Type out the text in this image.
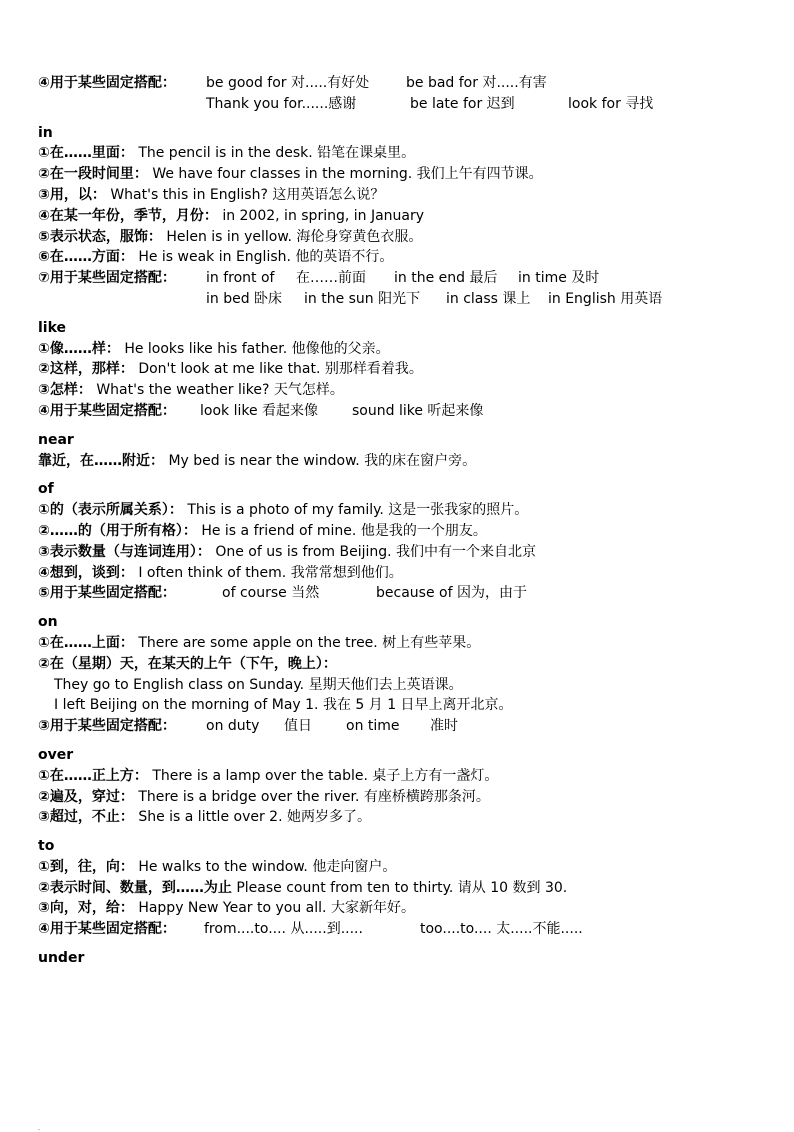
④用于某些固定搭配： be good for 对.....有好处	be bad for 对.....有害
Thank you for......感谢	be late for 迟到	look for 寻找
in
①在……里面： The pencil is in the desk. 铅笔在课桌里。
②在一段时间里： We have four classes in the morning. 我们上午有四节课。
③用，以： What's this in English? 这用英语怎么说？
④在某一年份，季节，月份： in 2002, in spring, in January
⑤表示状态，服饰： Helen is in yellow. 海伦身穿黄色衣服。
⑥在……方面： He is weak in English. 他的英语不行。
⑦用于某些固定搭配： in front of 在……前面 in the end 最后 in time 及时
in bed 卧床 in the sun 阳光下 in class 课上 in English 用英语
like
①像……样： He looks like his father. 他像他的父亲。
②这样，那样： Don't look at me like that. 别那样看着我。
③怎样： What's the weather like? 天气怎样。
④用于某些固定搭配： look like 看起来像 sound like 听起来像
near
靠近，在……附近： My bed is near the window. 我的床在窗户旁。
of
①的（表示所属关系）： This is a photo of my family. 这是一张我家的照片。
②……的（用于所有格）： He is a friend of mine. 他是我的一个朋友。
③表示数量（与连词连用）： One of us is from Beijing. 我们中有一个来自北京
④想到，谈到： I often think of them. 我常常想到他们。
⑤用于某些固定搭配：	of course 当然	because of 因为，由于
on
①在……上面： There are some apple on the tree. 树上有些苹果。
②在（星期）天，在某天的上午（下午，晚上）：
They go to English class on Sunday. 星期天他们去上英语课。
I left Beijing on the morning of May 1. 我在 5 月 1 日早上离开北京。
③用于某些固定搭配： on duty 值日 on time 准时
over
①在……正上方： There is a lamp over the table. 桌子上方有一盏灯。
②遍及，穿过： There is a bridge over the river. 有座桥横跨那条河。
③超过，不止： She is a little over 2. 她两岁多了。
to
①到，往，向： He walks to the window. 他走向窗户。
②表示时间、数量，到……为止 Please count from ten to thirty. 请从 10 数到 30.
③向，对，给： Happy New Year to you all. 大家新年好。
④用于某些固定搭配： from....to.... 从.....到.....	too....to.... 太.....不能.....
under
.
